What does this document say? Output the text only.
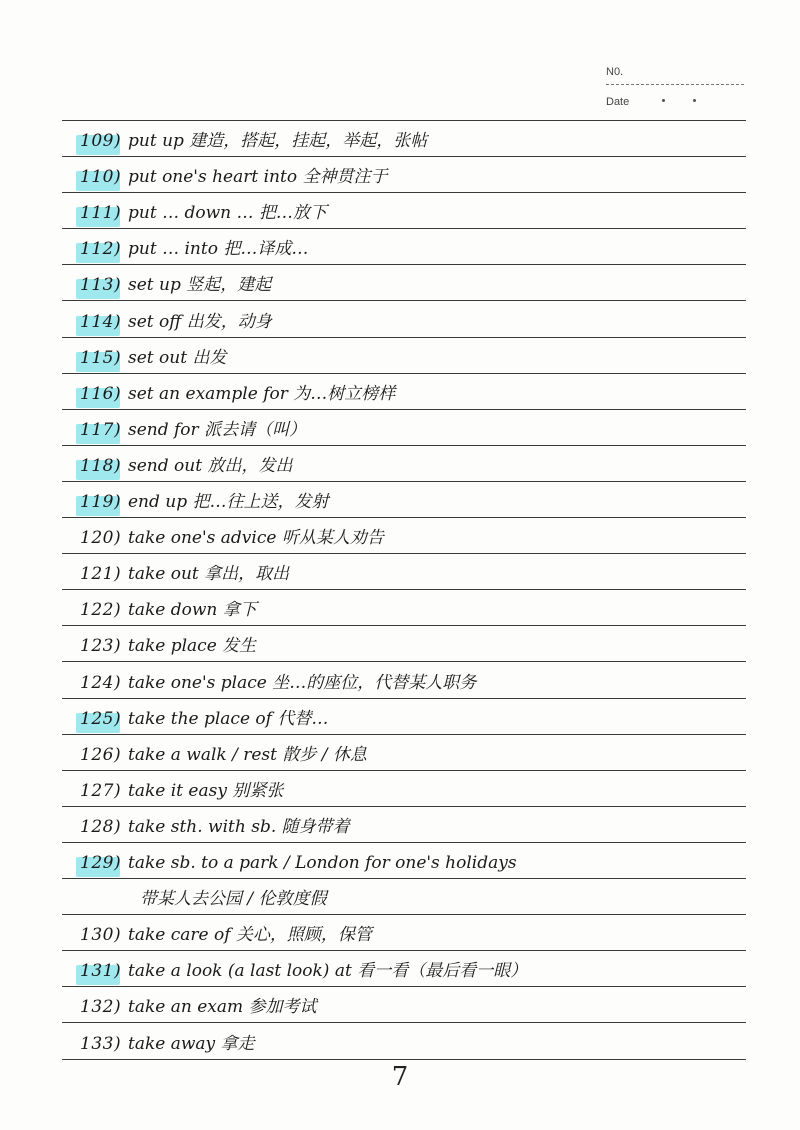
N0.
Date
109) put up 建造，搭起，挂起，举起，张帖
110) put one's heart into 全神贯注于
111) put … down … 把…放下
112) put … into 把…译成…
113) set up 竖起，建起
114) set off 出发，动身
115) set out 出发
116) set an example for 为…树立榜样
117) send for 派去请（叫）
118) send out 放出，发出
119) end up 把…往上送，发射
120) take one's advice 听从某人劝告
121) take out 拿出，取出
122) take down 拿下
123) take place 发生
124) take one's place 坐…的座位，代替某人职务
125) take the place of 代替…
126) take a walk / rest 散步 / 休息
127) take it easy 别紧张
128) take sth. with sb. 随身带着
129) take sb. to a park / London for one's holidays
带某人去公园 / 伦敦度假
130) take care of 关心，照顾，保管
131) take a look (a last look) at 看一看（最后看一眼）
132) take an exam 参加考试
133) take away 拿走
7
